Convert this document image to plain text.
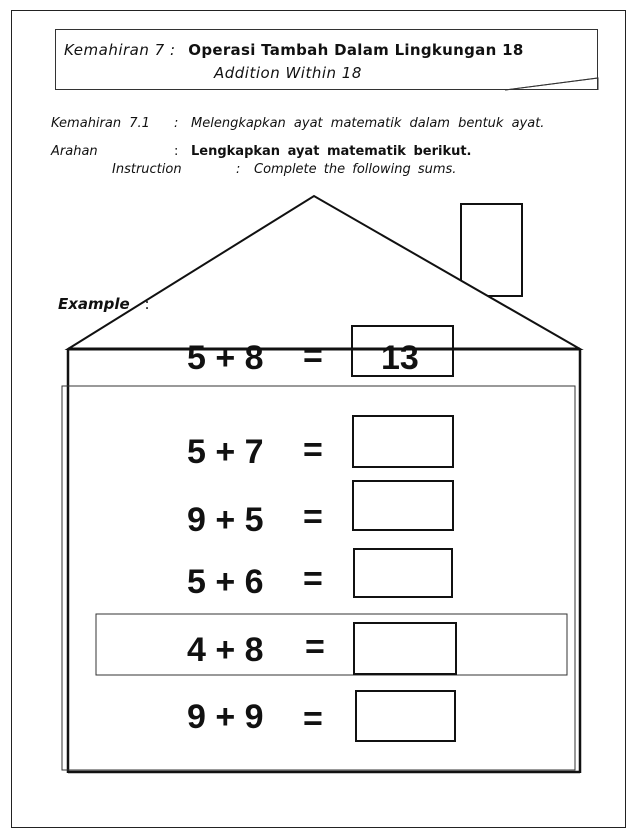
Kemahiran 7 : Operasi Tambah Dalam Lingkungan 18
Addition Within 18
Kemahiran 7.1 : Melengkapkan ayat matematik dalam bentuk ayat.
Arahan	: Lengkapkan ayat matematik berikut.
Instruction	: Complete the following sums.
Example :
5 + 8 = 13
5 + 7 =
9 + 5 =
5 + 6 =
4 + 8 =
9 + 9 =
